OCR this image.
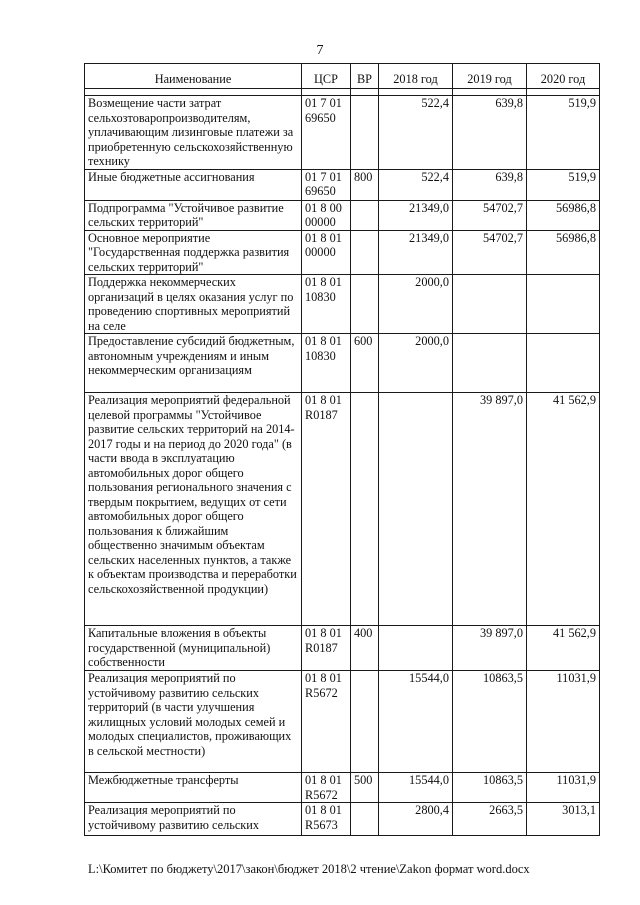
7
Наименование	ЦСР	ВР	2018 год	2019 год	2020 год

Возмещение части затрат сельхозтоваропроизводителям, уплачивающим лизинговые платежи за приобретенную сельскохозяйственную технику	01 7 01 69650		522,4	639,8	519,9
Иные бюджетные ассигнования	01 7 01 69650	800	522,4	639,8	519,9
Подпрограмма "Устойчивое развитие сельских территорий"	01 8 00 00000		21349,0	54702,7	56986,8
Основное мероприятие "Государственная поддержка развития сельских территорий"	01 8 01 00000		21349,0	54702,7	56986,8
Поддержка некоммерческих организаций в целях оказания услуг по проведению спортивных мероприятий на селе	01 8 01 10830		2000,0		
Предоставление субсидий бюджетным, автономным учреждениям и иным некоммерческим организациям	01 8 01 10830	600	2000,0		
Реализация мероприятий федеральной целевой программы "Устойчивое развитие сельских территорий на 2014-2017 годы и на период до 2020 года" (в части ввода в эксплуатацию автомобильных дорог общего пользования регионального значения с твердым покрытием, ведущих от сети автомобильных дорог общего пользования к ближайшим общественно значимым объектам сельских населенных пунктов, а также к объектам производства и переработки сельскохозяйственной продукции)	01 8 01 R0187			39 897,0	41 562,9
Капитальные вложения в объекты государственной (муниципальной) собственности	01 8 01 R0187	400		39 897,0	41 562,9
Реализация мероприятий по устойчивому развитию сельских территорий (в части улучшения жилищных условий молодых семей и молодых специалистов, проживающих в сельской местности)	01 8 01 R5672		15544,0	10863,5	11031,9
Межбюджетные трансферты	01 8 01 R5672	500	15544,0	10863,5	11031,9
Реализация мероприятий по устойчивому развитию сельских	01 8 01 R5673		2800,4	2663,5	3013,1
L:\Комитет по бюджету\2017\закон\бюджет 2018\2 чтение\Zakon формат word.docx
